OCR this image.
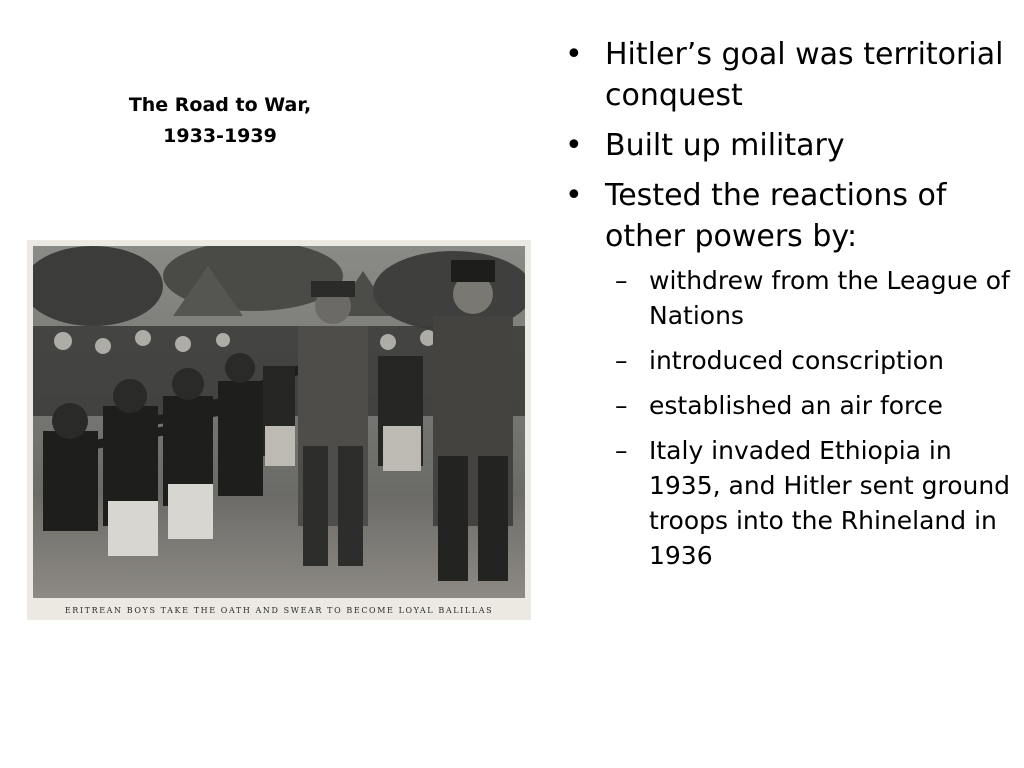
The Road to War,
1933-1939
ERITREAN BOYS TAKE THE OATH AND SWEAR TO BECOME LOYAL BALILLAS
• Hitler’s goal was territorial conquest
• Built up military
• Tested the reactions of other powers by:
– withdrew from the League of Nations
– introduced conscription
– established an air force
– Italy invaded Ethiopia in 1935, and Hitler sent ground troops into the Rhineland in 1936
